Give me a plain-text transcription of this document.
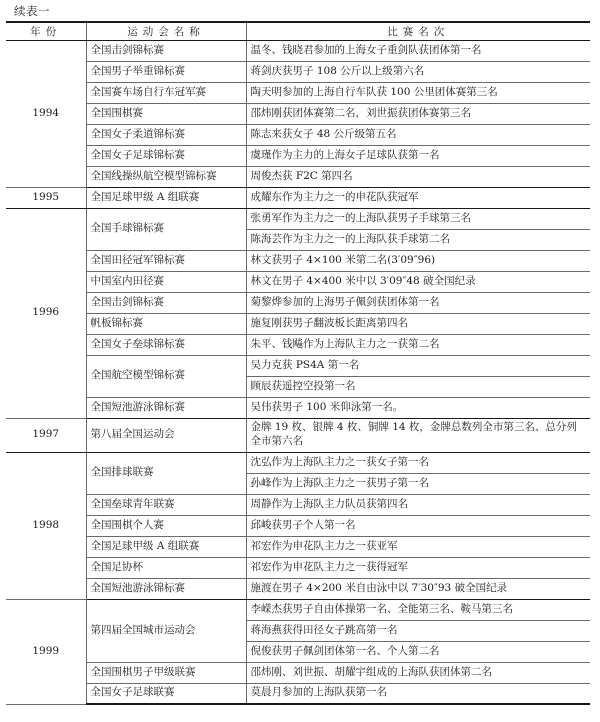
续表一
年份	运动会名称	比赛名次
1994	全国击剑锦标赛	温冬、钱晓君参加的上海女子重剑队获团体第一名
	全国男子举重锦标赛	蒋剑庆获男子 108 公斤以上级第六名
	全国赛车场自行车冠军赛	陶天明参加的上海自行车队获 100 公里团体赛第三名
	全国围棋赛	邵炜刚获团体赛第二名，刘世振获团体赛第三名
	全国女子柔道锦标赛	陈志来获女子 48 公斤级第五名
	全国女子足球锦标赛	虞瑾作为主力的上海女子足球队获第一名
	全国线操纵航空模型锦标赛	周俊杰获 F2C 第四名
1995	全国足球甲级 A 组联赛	成耀东作为主力之一的申花队获冠军
1996	全国手球锦标赛	张勇军作为主力之一的上海队获男子手球第三名
		陈海芸作为主力之一的上海队获手球第二名
	全国田径冠军锦标赛	林文获男子 4×100 米第二名(3′09″96)
	中国室内田径赛	林文在男子 4×400 米中以 3′09″48 破全国纪录
	全国击剑锦标赛	菊黎烨参加的上海男子佩剑获团体第一名
	帆板锦标赛	施复刚获男子翻波板长距离第四名
	全国女子垒球锦标赛	朱平、钱飚作为上海队主力之一获第二名
	全国航空模型锦标赛	吴力克获 PS4A 第一名
		顾辰获遥控空投第一名
	全国短池游泳锦标赛	吴伟获男子 100 米仰泳第一名。
1997	第八届全国运动会	金牌 19 枚、银牌 4 枚、铜牌 14 枚，金牌总数列全市第三名、总分列全市第六名
1998	全国排球联赛	沈弘作为上海队主力之一获女子第一名
		孙峰作为上海队主力之一获男子第一名
	全国垒球青年联赛	周静作为上海队主力队员获第四名
	全国围棋个人赛	邱峻获男子个人第一名
	全国足球甲级 A 组联赛	祁宏作为申花队主力之一获亚军
	全国足协杯	祁宏作为申花队主力之一获得冠军
	全国短池游泳锦标赛	施渡在男子 4×200 米自由泳中以 7′30″93 破全国纪录
1999	第四届全国城市运动会	李嵘杰获男子自由体操第一名、全能第三名、鞍马第三名
		蒋海燕获得田径女子跳高第一名
		倪俊获男子佩剑团体第一名、个人第二名
	全国围棋男子甲级联赛	邵炜刚、刘世振、胡耀宇组成的上海队获团体第二名
	全国女子足球联赛	莫晨月参加的上海队获第一名
